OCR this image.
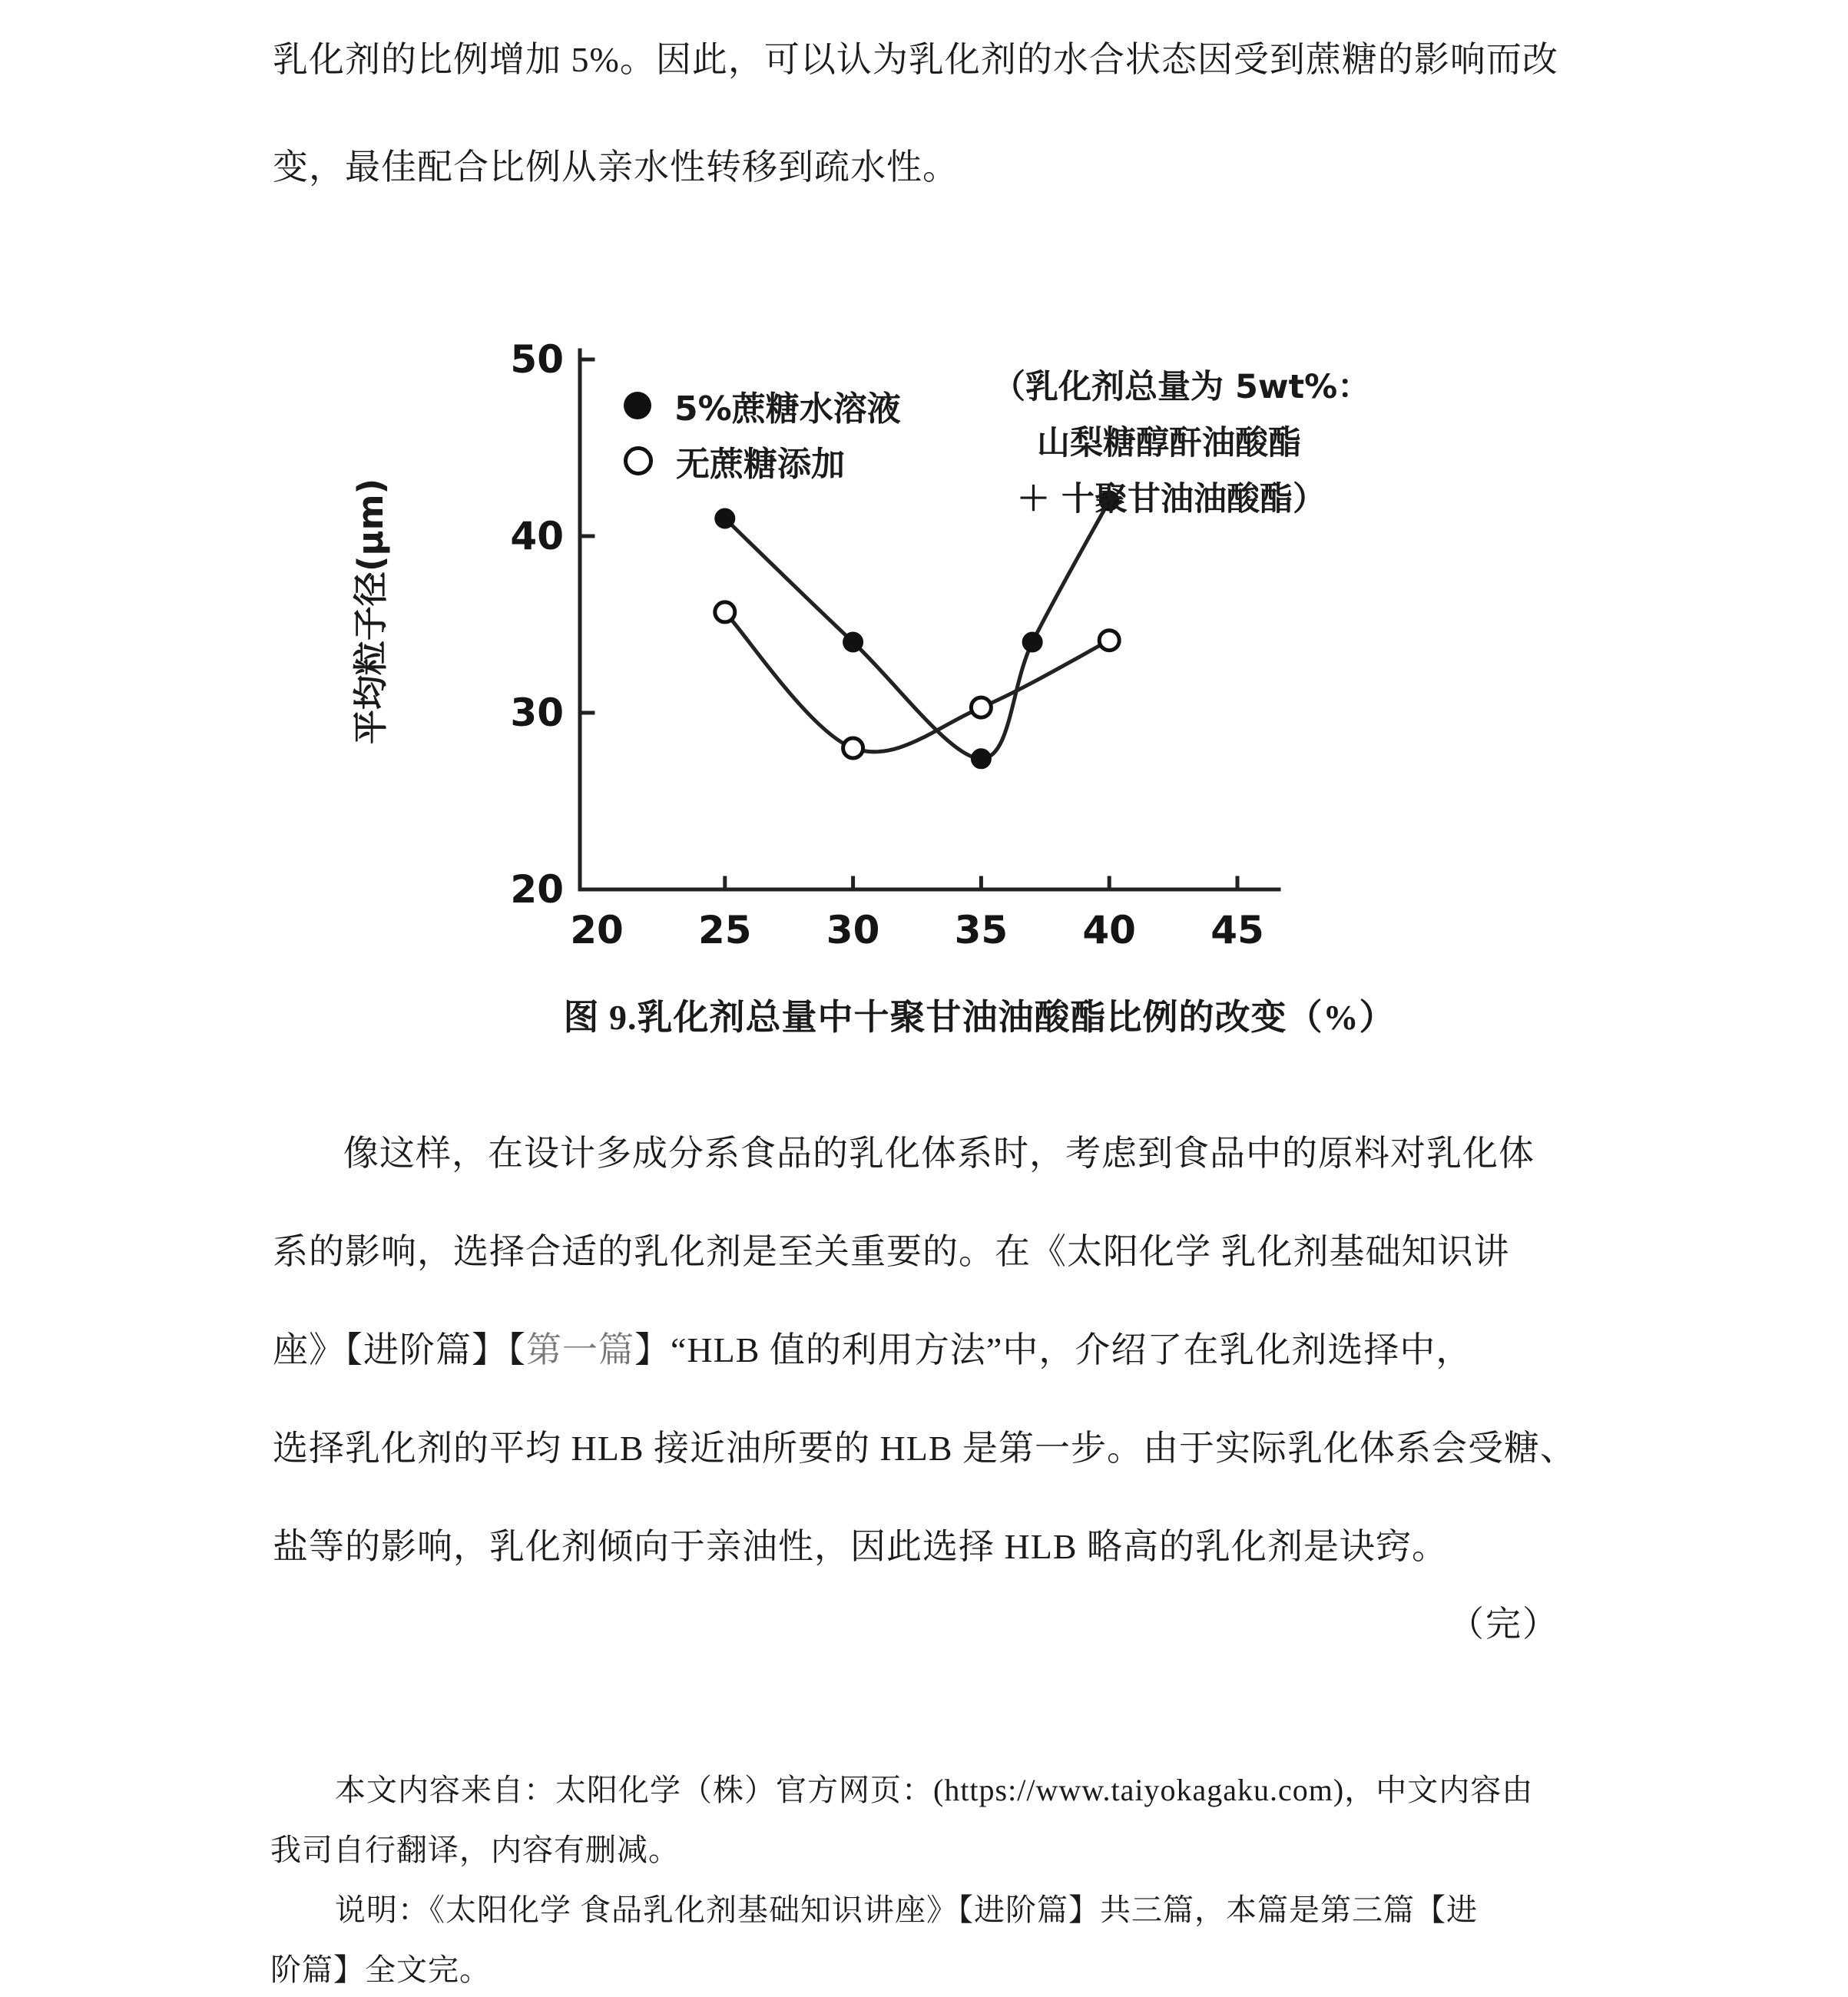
乳化剂的比例增加 5%。因此，可以认为乳化剂的水合状态因受到蔗糖的影响而改
变，最佳配合比例从亲水性转移到疏水性。
20
30
40
50
20 25 30 35 40 45
5%蔗糖水溶液
无蔗糖添加
（乳化剂总量为 5wt%：
山梨糖醇酐油酸酯
＋ 十聚甘油油酸酯）
平均粒子径(μm)
图 9.乳化剂总量中十聚甘油油酸酯比例的改变（%）
像这样，在设计多成分系食品的乳化体系时，考虑到食品中的原料对乳化体
系的影响，选择合适的乳化剂是至关重要的。在《太阳化学 乳化剂基础知识讲
座》【进阶篇】【第一篇】“HLB 值的利用方法”中，介绍了在乳化剂选择中，
选择乳化剂的平均 HLB 接近油所要的 HLB 是第一步。由于实际乳化体系会受糖、
盐等的影响，乳化剂倾向于亲油性，因此选择 HLB 略高的乳化剂是诀窍。
（完）
本文内容来自：太阳化学（株）官方网页：(https://www.taiyokagaku.com)，中文内容由
我司自行翻译，内容有删减。
说明：《太阳化学 食品乳化剂基础知识讲座》【进阶篇】共三篇，本篇是第三篇【进
阶篇】全文完。
